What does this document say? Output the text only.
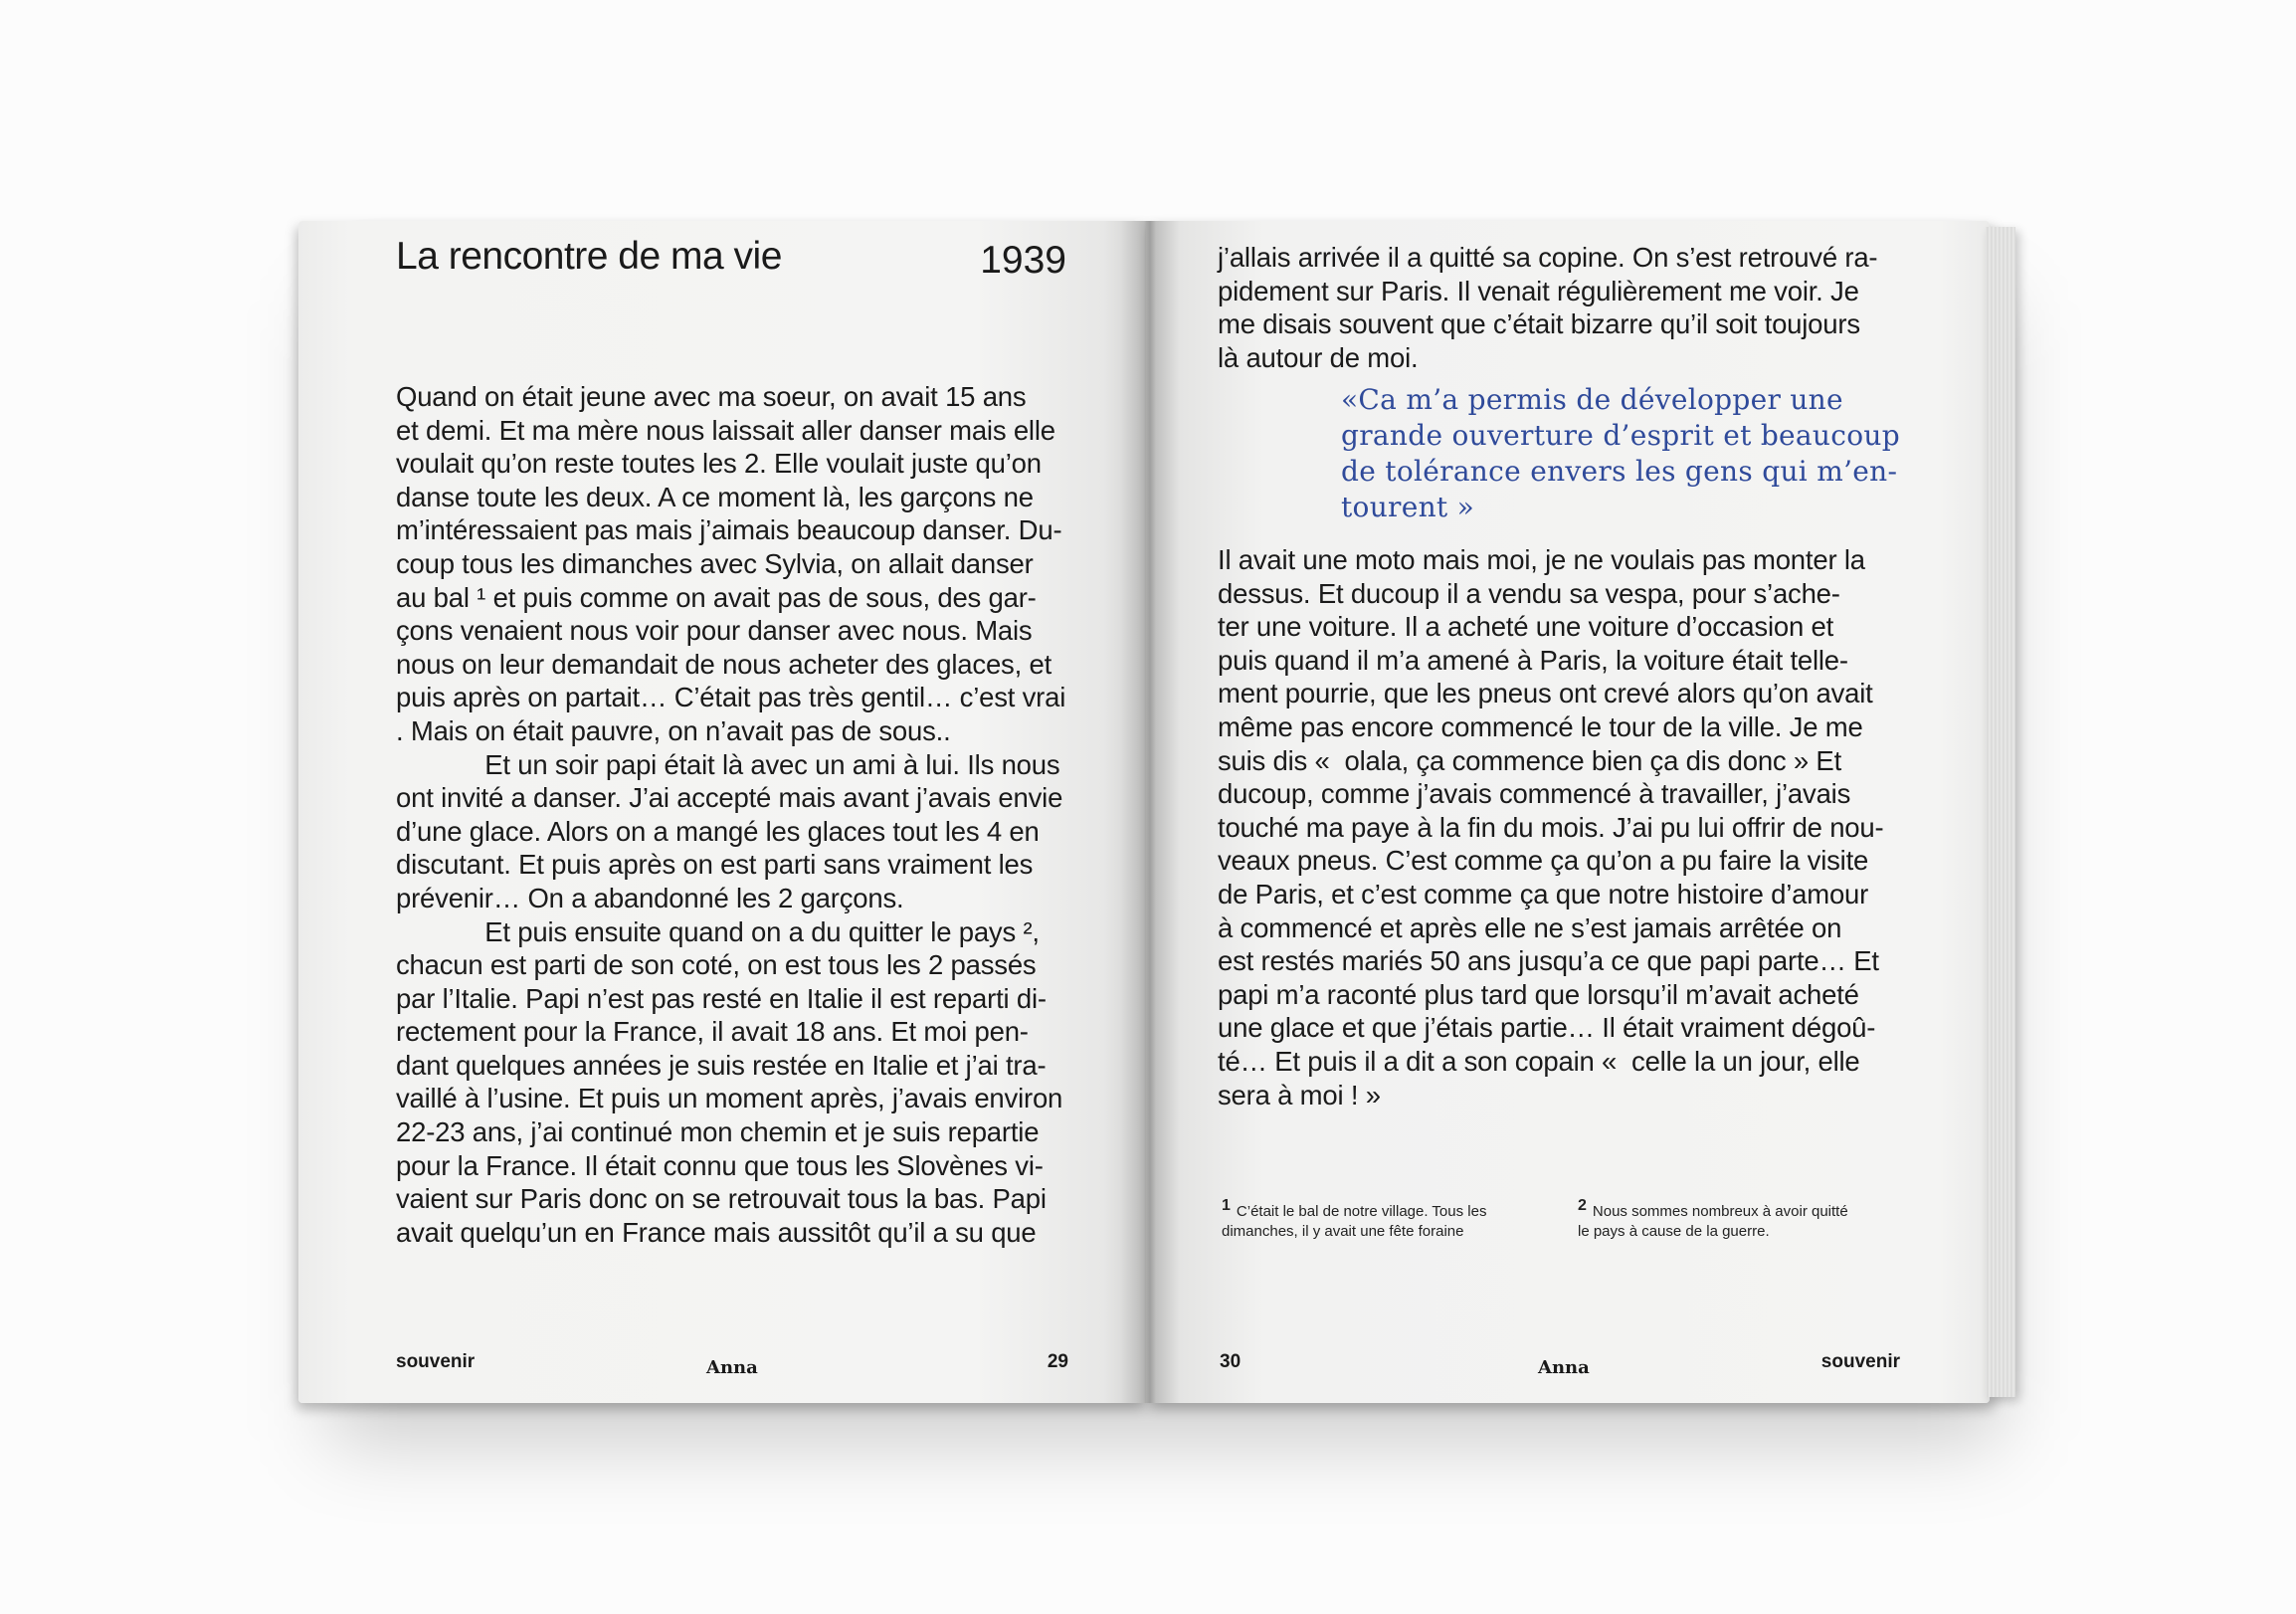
La rencontre de ma vie	1939
Quand on était jeune avec ma soeur, on avait 15 ans
et demi. Et ma mère nous laissait aller danser mais elle
voulait qu’on reste toutes les 2. Elle voulait juste qu’on
danse toute les deux. A ce moment là, les garçons ne
m’intéressaient pas mais j’aimais beaucoup danser. Du-
coup tous les dimanches avec Sylvia, on allait danser
au bal ¹ et puis comme on avait pas de sous, des gar-
çons venaient nous voir pour danser avec nous. Mais
nous on leur demandait de nous acheter des glaces, et
puis après on partait… C’était pas très gentil… c’est vrai
. Mais on était pauvre, on n’avait pas de sous..
Et un soir papi était là avec un ami à lui. Ils nous
ont invité a danser. J’ai accepté mais avant j’avais envie
d’une glace. Alors on a mangé les glaces tout les 4 en
discutant. Et puis après on est parti sans vraiment les
prévenir… On a abandonné les 2 garçons.
Et puis ensuite quand on a du quitter le pays ²,
chacun est parti de son coté, on est tous les 2 passés
par l’Italie. Papi n’est pas resté en Italie il est reparti di-
rectement pour la France, il avait 18 ans. Et moi pen-
dant quelques années je suis restée en Italie et j’ai tra-
vaillé à l’usine. Et puis un moment après, j’avais environ
22-23 ans, j’ai continué mon chemin et je suis repartie
pour la France. Il était connu que tous les Slovènes vi-
vaient sur Paris donc on se retrouvait tous la bas. Papi
avait quelqu’un en France mais aussitôt qu’il a su que
souvenir	Anna	29
j’allais arrivée il a quitté sa copine. On s’est retrouvé ra-
pidement sur Paris. Il venait régulièrement me voir. Je
me disais souvent que c’était bizarre qu’il soit toujours
là autour de moi.
«Ca m’a permis de développer une
grande ouverture d’esprit et beaucoup
de tolérance envers les gens qui m’en-
tourent »
Il avait une moto mais moi, je ne voulais pas monter la
dessus. Et ducoup il a vendu sa vespa, pour s’ache-
ter une voiture. Il a acheté une voiture d’occasion et
puis quand il m’a amené à Paris, la voiture était telle-
ment pourrie, que les pneus ont crevé alors qu’on avait
même pas encore commencé le tour de la ville. Je me
suis dis «  olala, ça commence bien ça dis donc » Et
ducoup, comme j’avais commencé à travailler, j’avais
touché ma paye à la fin du mois. J’ai pu lui offrir de nou-
veaux pneus. C’est comme ça qu’on a pu faire la visite
de Paris, et c’est comme ça que notre histoire d’amour
à commencé et après elle ne s’est jamais arrêtée on
est restés mariés 50 ans jusqu’a ce que papi parte… Et
papi m’a raconté plus tard que lorsqu’il m’avait acheté
une glace et que j’étais partie… Il était vraiment dégoû-
té… Et puis il a dit a son copain «  celle la un jour, elle
sera à moi ! »
1 C’était le bal de notre village. Tous les
dimanches, il y avait une fête foraine
2 Nous sommes nombreux à avoir quitté
le pays à cause de la guerre.
30	Anna	souvenir
